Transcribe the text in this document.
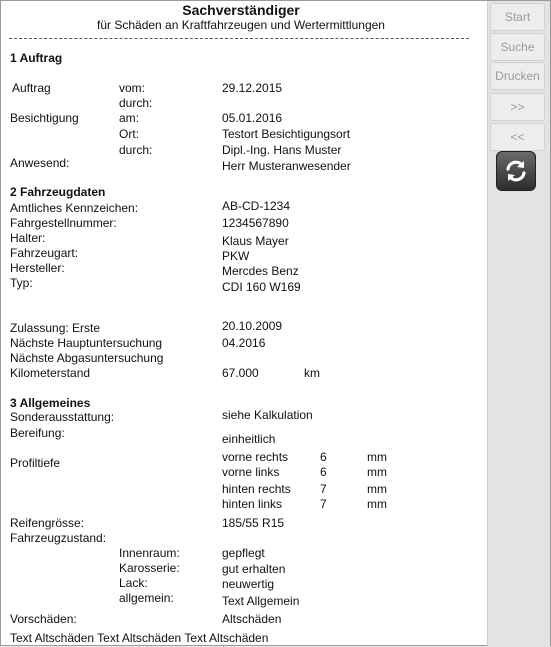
Sachverständiger
für Schäden an Kraftfahrzeugen und Wertermittlungen
1 Auftrag
Auftrag	vom:	29.12.2015
durch:
Besichtigung	am:	05.01.2016
Ort:	Testort Besichtigungsort
durch:	Dipl.-Ing. Hans Muster
Anwesend:	Herr Musteranwesender
2 Fahrzeugdaten
Amtliches Kennzeichen:	AB-CD-1234
Fahrgestellnummer:	1234567890
Halter:	Klaus Mayer
Fahrzeugart:	PKW
Hersteller:	Mercdes Benz
Typ:	CDI 160 W169
Zulassung: Erste	20.10.2009
Nächste Hauptuntersuchung	04.2016
Nächste Abgasuntersuchung
Kilometerstand	67.000	km
3 Allgemeines
Sonderausstattung:	siehe Kalkulation
Bereifung:	einheitlich
Profiltiefe	vorne rechts	6	mm
vorne links	6	mm
hinten rechts 7	mm
hinten links	7	mm
Reifengrösse:	185/55 R15
Fahrzeugzustand:
Innenraum:	gepflegt
Karosserie:	gut erhalten
Lack:	neuwertig
allgemein:	Text Allgemein
Vorschäden:	Altschäden
Text Altschäden Text Altschäden Text Altschäden
Start
Suche
Drucken
>>
<<
